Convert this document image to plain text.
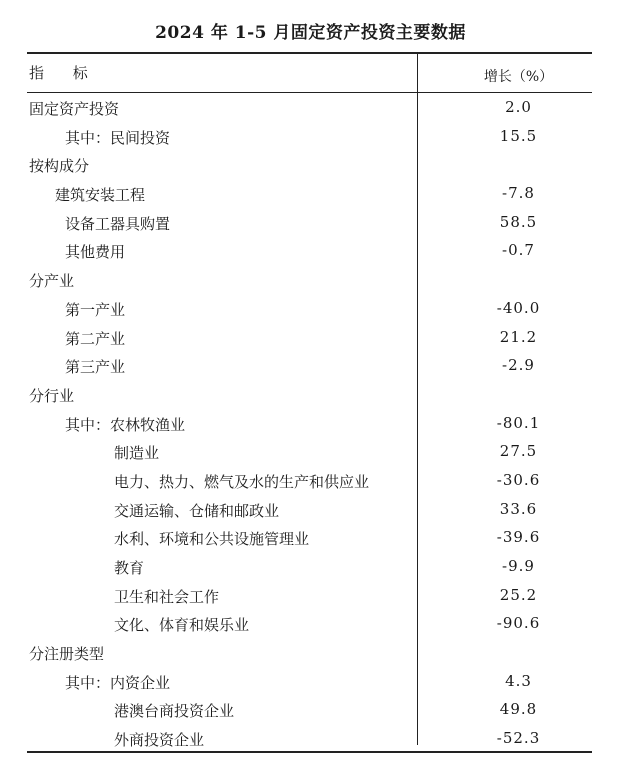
2024 年 1-5 月固定资产投资主要数据
指 标	增长（%）
固定资产投资	2.0
其中：民间投资	15.5
按构成分
建筑安装工程	-7.8
设备工器具购置	58.5
其他费用	-0.7
分产业
第一产业	-40.0
第二产业	21.2
第三产业	-2.9
分行业
其中：农林牧渔业	-80.1
制造业	27.5
电力、热力、燃气及水的生产和供应业	-30.6
交通运输、仓储和邮政业	33.6
水利、环境和公共设施管理业	-39.6
教育	-9.9
卫生和社会工作	25.2
文化、体育和娱乐业	-90.6
分注册类型
其中：内资企业	4.3
港澳台商投资企业	49.8
外商投资企业	-52.3
